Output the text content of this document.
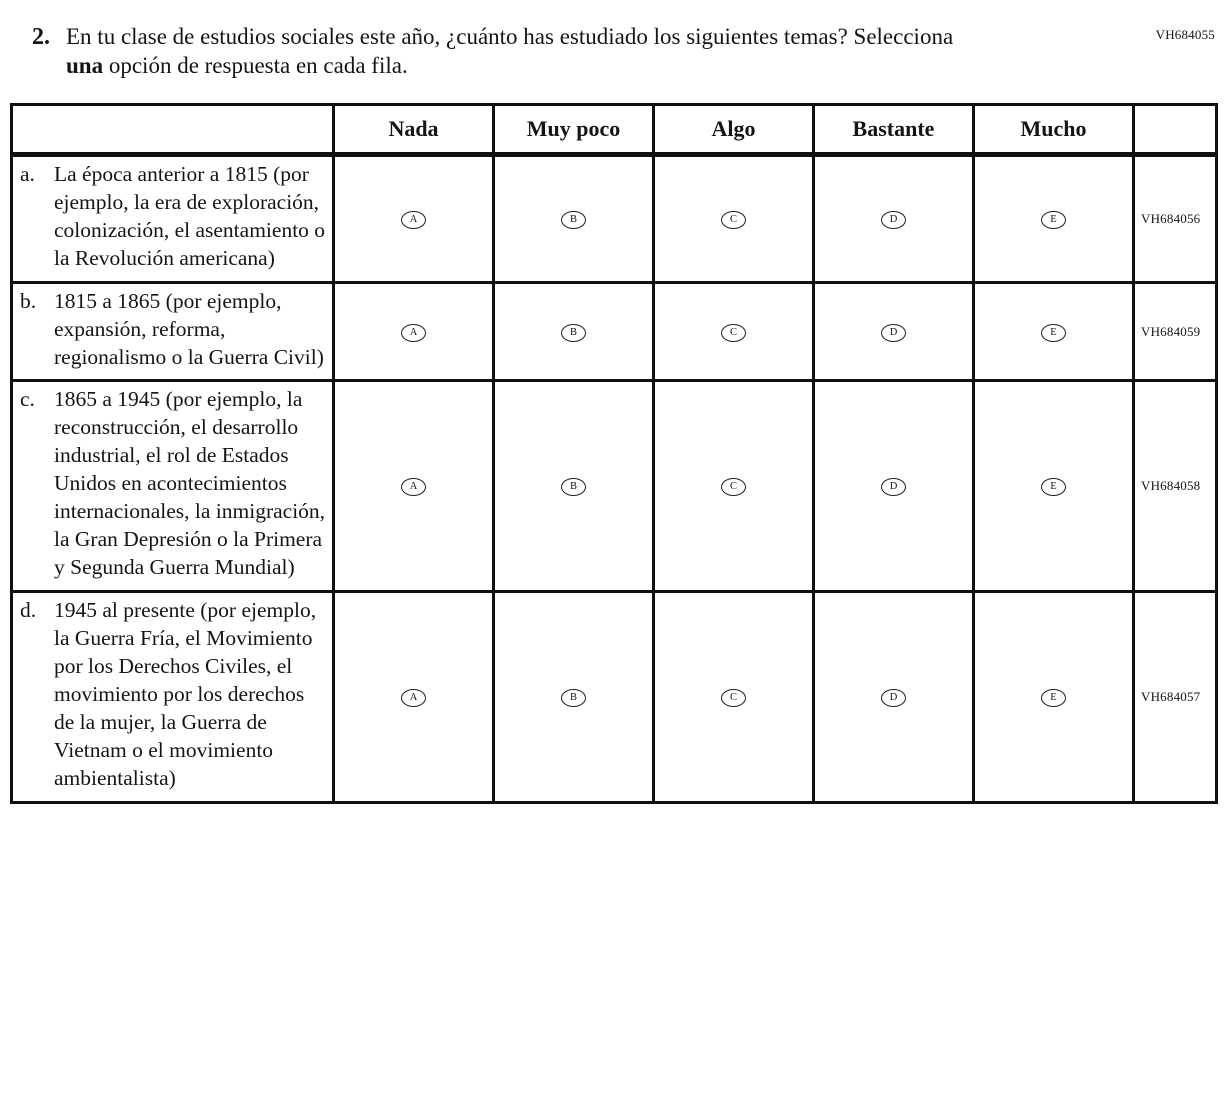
VH684055
2. En tu clase de estudios sociales este año, ¿cuánto has estudiado los siguientes temas? Selecciona una opción de respuesta en cada fila.
	Nada	Muy poco	Algo	Bastante	Mucho	

a. La época anterior a 1815 (por ejemplo, la era de exploración, colonización, el asentamiento o la Revolución americana)	A	B	C	D	E	VH684056

b. 1815 a 1865 (por ejemplo, expansión, reforma, regionalismo o la Guerra Civil)	A	B	C	D	E	VH684059

c. 1865 a 1945 (por ejemplo, la reconstrucción, el desarrollo industrial, el rol de Estados Unidos en acontecimientos internacionales, la inmigración, la Gran Depresión o la Primera y Segunda Guerra Mundial)	A	B	C	D	E	VH684058

d. 1945 al presente (por ejemplo, la Guerra Fría, el Movimiento por los Derechos Civiles, el movimiento por los derechos de la mujer, la Guerra de Vietnam o el movimiento ambientalista)	A	B	C	D	E	VH684057
